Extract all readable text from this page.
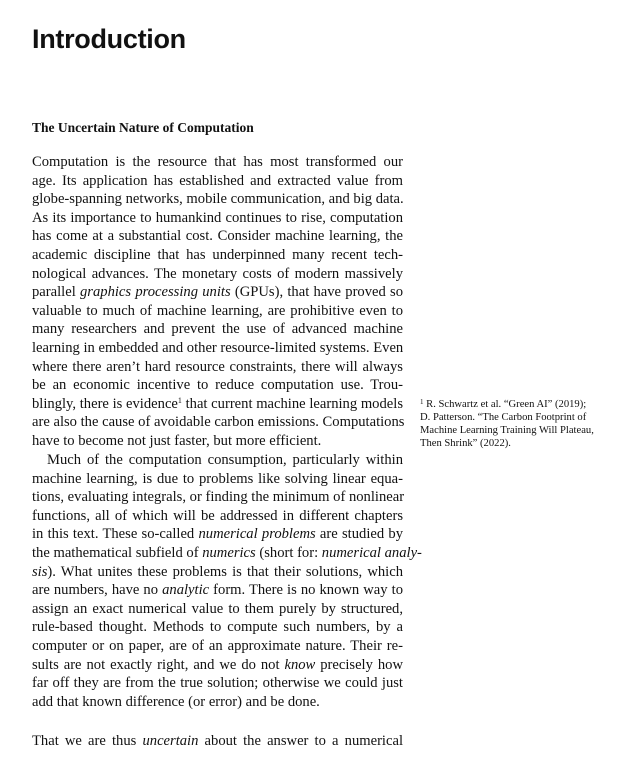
Introduction
The Uncertain Nature of Computation
Computation is the resource that has most transformed our
age. Its application has established and extracted value from
globe-spanning networks, mobile communication, and big data.
As its importance to humankind continues to rise, computation
has come at a substantial cost. Consider machine learning, the
academic discipline that has underpinned many recent tech-
nological advances. The monetary costs of modern massively
parallel graphics processing units (GPUs), that have proved so
valuable to much of machine learning, are prohibitive even to
many researchers and prevent the use of advanced machine
learning in embedded and other resource-limited systems. Even
where there aren’t hard resource constraints, there will always
be an economic incentive to reduce computation use. Trou-
blingly, there is evidence$^1$ that current machine learning models
are also the cause of avoidable carbon emissions. Computations
have to become not just faster, but more efficient.
Much of the computation consumption, particularly within
machine learning, is due to problems like solving linear equa-
tions, evaluating integrals, or finding the minimum of nonlinear
functions, all of which will be addressed in different chapters
in this text. These so-called numerical problems are studied by
the mathematical subfield of numerics (short for: numerical analy-
sis). What unites these problems is that their solutions, which
are numbers, have no analytic form. There is no known way to
assign an exact numerical value to them purely by structured,
rule-based thought. Methods to compute such numbers, by a
computer or on paper, are of an approximate nature. Their re-
sults are not exactly right, and we do not know precisely how
far off they are from the true solution; otherwise we could just
add that known difference (or error) and be done.
That we are thus uncertain about the answer to a numerical
$^1$ R. Schwartz et al. “Green AI” (2019);
D. Patterson. “The Carbon Footprint of
Machine Learning Training Will Plateau,
Then Shrink” (2022).
